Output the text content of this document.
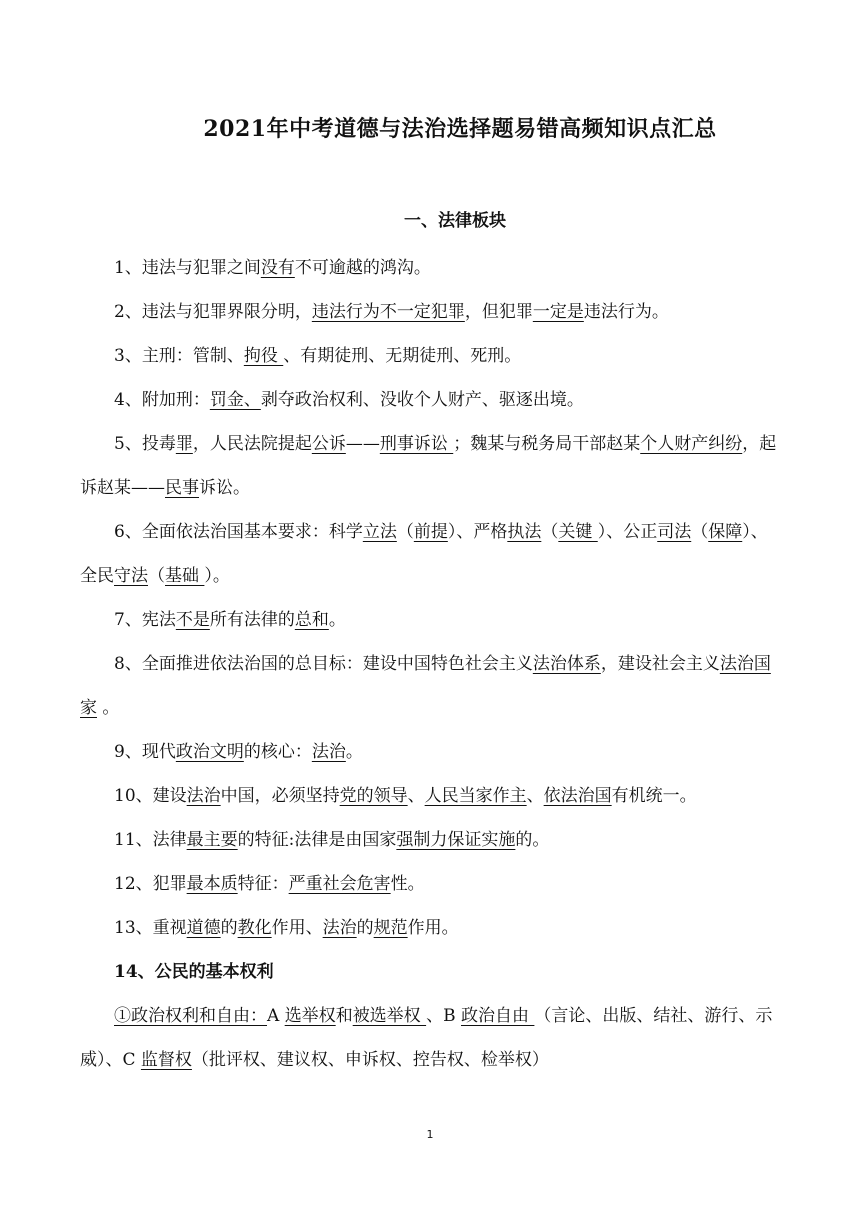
2021年中考道德与法治选择题易错高频知识点汇总
一、法律板块

1、违法与犯罪之间没有不可逾越的鸿沟。

2、违法与犯罪界限分明，违法行为不一定犯罪，但犯罪一定是违法行为。

3、主刑：管制、拘役 、有期徒刑、无期徒刑、死刑。

4、附加刑：罚金、剥夺政治权利、没收个人财产、驱逐出境。

5、投毒罪，人民法院提起公诉——刑事诉讼 ；魏某与税务局干部赵某个人财产纠纷，起诉赵某——民事诉讼。

6、全面依法治国基本要求：科学立法（前提）、严格执法（关键 ）、公正司法（保障）、全民守法（基础 ）。

7、宪法不是所有法律的总和。

8、全面推进依法治国的总目标：建设中国特色社会主义法治体系，建设社会主义法治国家 。

9、现代政治文明的核心：法治。

10、建设法治中国，必须坚持党的领导、人民当家作主、依法治国有机统一。

11、法律最主要的特征:法律是由国家强制力保证实施的。

12、犯罪最本质特征：严重社会危害性。

13、重视道德的教化作用、法治的规范作用。

14、公民的基本权利

①政治权利和自由：A 选举权和被选举权 、B 政治自由 （言论、出版、结社、游行、示威）、C 监督权（批评权、建议权、申诉权、控告权、检举权）

1
